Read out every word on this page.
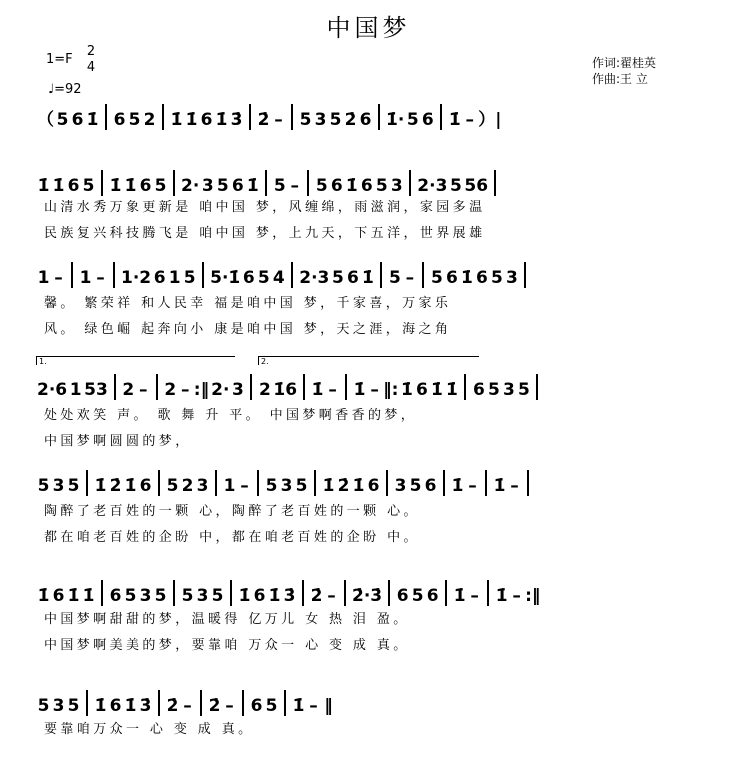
中国梦
1=F
2
4
♩=92
作词:翟桂英
作曲:王 立
（ 5 6 1̇ 6 5 2 1̇ 1̇ 6 1̇ 3̇ 2̇ – 5 3 5 2̇ 6 1̇· 5 6 1̇ – ）|
1̇ 1̇ 6 5 1̇ 1̇ 6 5 2· 3 5 6 1̇ 5 – 5 6 1̇ 6 5 3 2·3 5 56
山清水秀万象更新是 咱中国 梦，风缠绵，雨滋润，家园多温
民族复兴科技腾飞是 咱中国 梦，上九天，下五洋，世界展雄
1 – 1 – 1·2 6 1 5 5·1̇ 6 5 4 2·3 5 6 1̇ 5 – 5 6 1̇ 6 5 3
馨。 繁荣祥 和人民幸 福是咱中国 梦，千家喜，万家乐
风。 绿色崛 起奔向小 康是咱中国 梦，天之涯，海之角
1.	2.
2·6 1 53 2 – 2 – :‖ 2· 3 2 1̇6 1̇ – 1̇ – ‖: 1̇ 6 1̇ 1̇ 6 5 3 5
处处欢笑 声。 歌 舞 升 平。 中国梦啊香香的梦，
中国梦啊圆圆的梦，
5 3 5 1̇ 2̇ 1̇ 6 5 2 3 1 – 5 3 5 1̇ 2̇ 1̇ 6 3 5 6 1̇ – 1̇ –
陶醉了老百姓的一颗 心，陶醉了老百姓的一颗 心。
都在咱老百姓的企盼 中，都在咱老百姓的企盼 中。
1̇ 6 1̇ 1̇ 6 5 3 5 5 3 5 1̇ 6 1̇ 3̇ 2̇ – 2̇·3̇ 6 5 6 1̇ – 1̇ – :‖
中国梦啊甜甜的梦，温暖得 亿万儿 女 热 泪 盈。
中国梦啊美美的梦，要靠咱 万众一 心 变 成 真。
5 3 5 1̇ 6 1̇ 3̇ 2̇ – 2̇ – 6 5 1̇ – ‖
要靠咱万众一 心 变 成 真。
